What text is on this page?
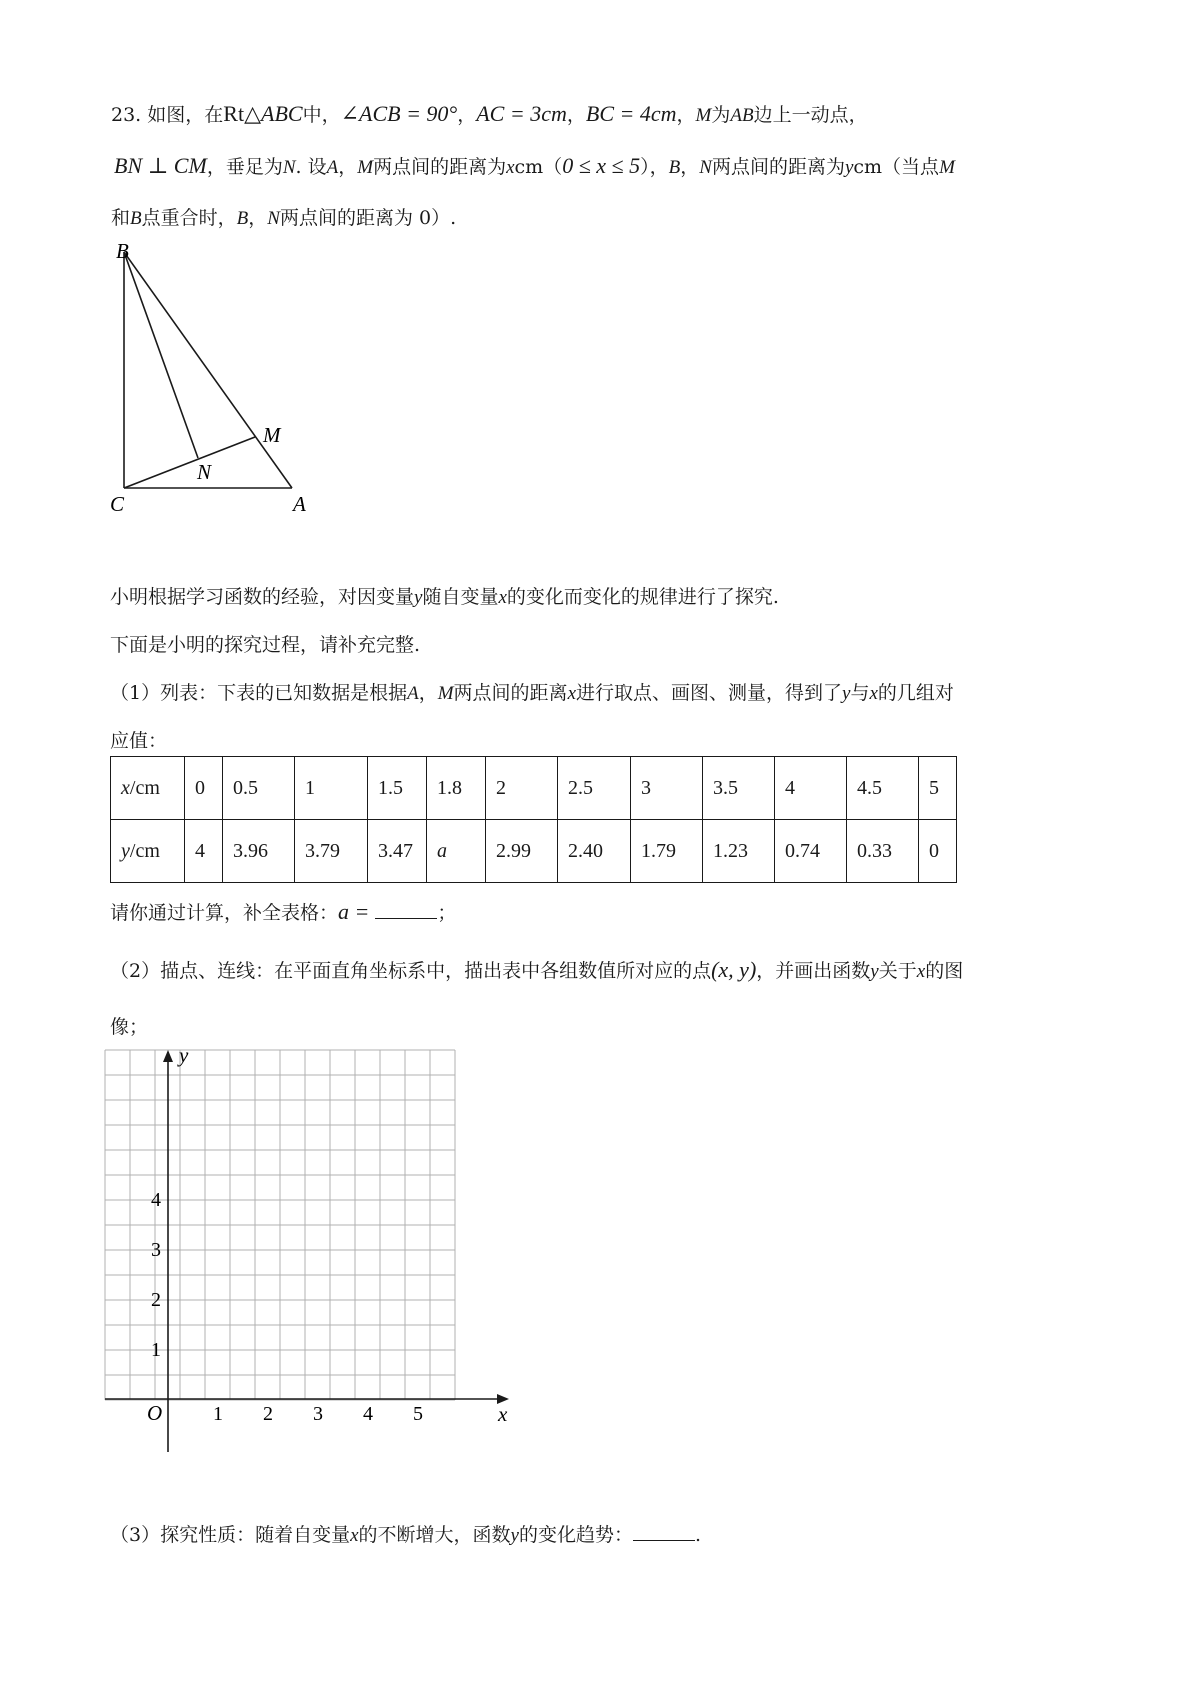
23. 如图，在Rt△ABC中，∠ACB = 90°，AC = 3cm，BC = 4cm，M为AB边上一动点，
BN ⊥ CM，垂足为N. 设A，M两点间的距离为xcm（0 ≤ x ≤ 5），B，N两点间的距离为ycm（当点M
和B点重合时，B，N两点间的距离为 0）.
B
C	A
M
N
小明根据学习函数的经验，对因变量y随自变量x的变化而变化的规律进行了探究.
下面是小明的探究过程，请补充完整.
（1）列表：下表的已知数据是根据A，M两点间的距离x进行取点、画图、测量，得到了y与x的几组对
应值：
x/cm	0	0.5	1	1.5	1.8	2	2.5	3	3.5	4	4.5	5
y/cm	4	3.96	3.79	3.47	a	2.99	2.40	1.79	1.23	0.74	0.33	0
请你通过计算，补全表格：a =	；
（2）描点、连线：在平面直角坐标系中，描出表中各组数值所对应的点(x, y)，并画出函数y关于x的图
像；
x
y
O	1 2 3 4 5
1
2
3
4
（3）探究性质：随着自变量x的不断增大，函数y的变化趋势：	.
